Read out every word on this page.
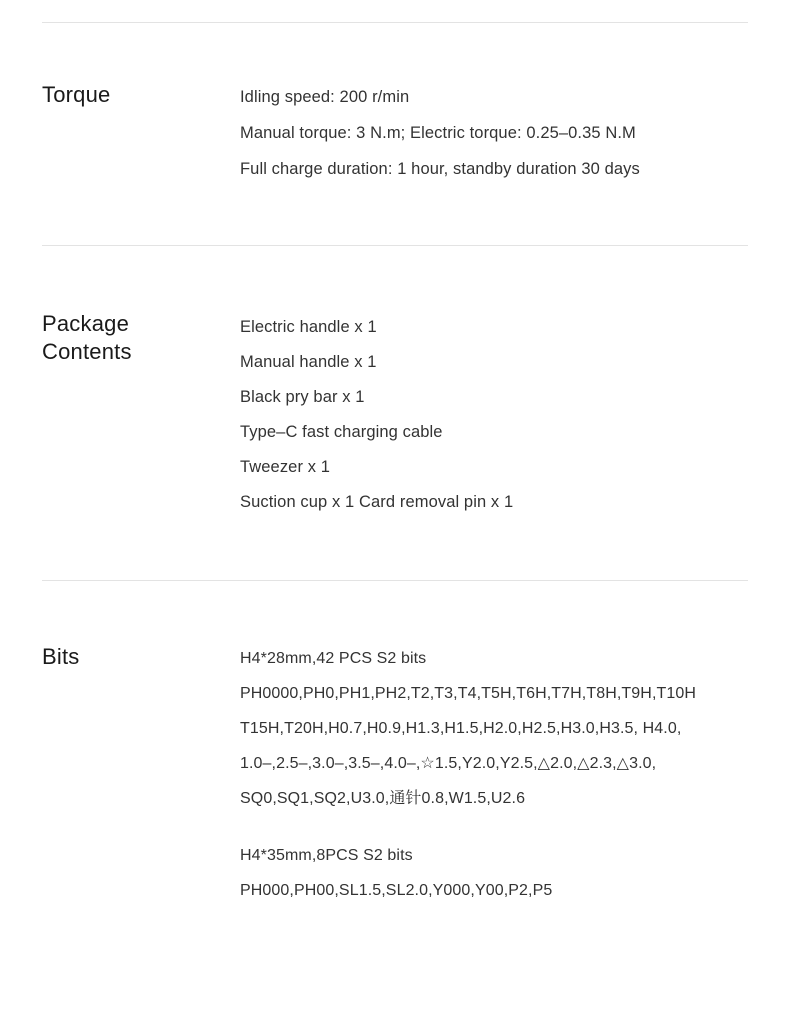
Torque	Idling speed: 200 r/min
Manual torque: 3 N.m; Electric torque: 0.25–0.35 N.M
Full charge duration: 1 hour, standby duration 30 days
Package
Contents
Electric handle x 1
Manual handle x 1
Black pry bar x 1
Type–C fast charging cable
Tweezer x 1
Suction cup x 1 Card removal pin x 1
Bits	H4*28mm,42 PCS S2 bits
PH0000,PH0,PH1,PH2,T2,T3,T4,T5H,T6H,T7H,T8H,T9H,T10H
T15H,T20H,H0.7,H0.9,H1.3,H1.5,H2.0,H2.5,H3.0,H3.5, H4.0,
1.0–,2.5–,3.0–,3.5–,4.0–,☆1.5,Y2.0,Y2.5,△2.0,△2.3,△3.0,
SQ0,SQ1,SQ2,U3.0,通针0.8,W1.5,U2.6
H4*35mm,8PCS S2 bits
PH000,PH00,SL1.5,SL2.0,Y000,Y00,P2,P5
